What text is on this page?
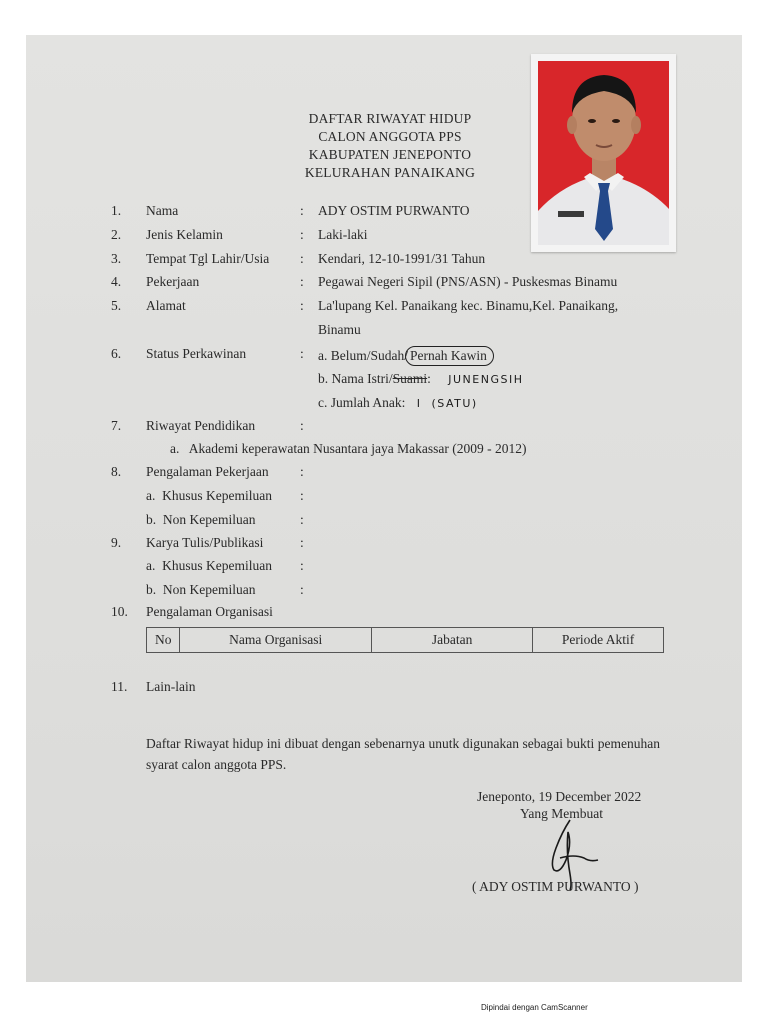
DAFTAR RIWAYAT HIDUP
CALON ANGGOTA PPS
KABUPATEN JENEPONTO
KELURAHAN PANAIKANG
1. Nama	: ADY OSTIM PURWANTO
2. Jenis Kelamin	: Laki-laki
3. Tempat Tgl Lahir/Usia : Kendari, 12-10-1991/31 Tahun
4. Pekerjaan	: Pegawai Negeri Sipil (PNS/ASN) - Puskesmas Binamu
5. Alamat	: La'lupang Kel. Panaikang kec. Binamu,Kel. Panaikang,
Binamu
6. Status Perkawinan	: a. Belum/Sudah/ Pernah Kawin
b. Nama Istri/Suami: JUNENGSIH
c. Jumlah Anak: I  (SATU)
7. Riwayat Pendidikan	:
a.   Akademi keperawatan Nusantara jaya Makassar (2009 - 2012)
8. Pengalaman Pekerjaan :
a.  Khusus Kepemiluan :
b.  Non Kepemiluan	:
9. Karya Tulis/Publikasi	:
a.  Khusus Kepemiluan :
b.  Non Kepemiluan	:
10. Pengalaman Organisasi
No	Nama Organisasi	Jabatan	Periode Aktif
11. Lain-lain
Daftar Riwayat hidup ini dibuat dengan sebenarnya unutk digunakan sebagai bukti pemenuhan syarat calon anggota PPS.
Jeneponto, 19 December 2022
Yang Membuat
( ADY OSTIM PURWANTO )
Dipindai dengan CamScanner
